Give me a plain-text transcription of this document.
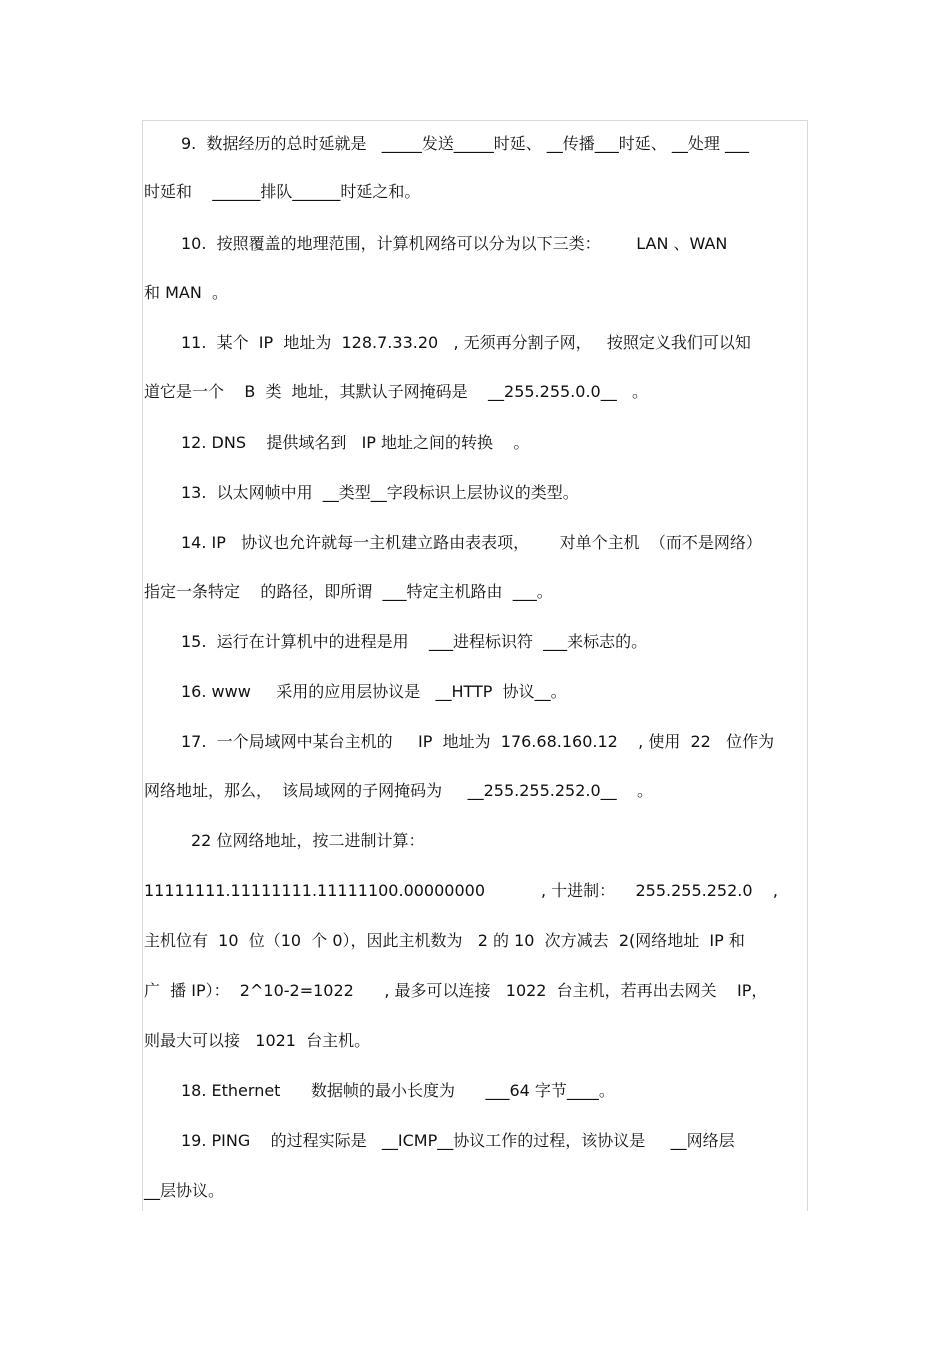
9.  数据经历的总时延就是   _____发送_____时延、 __传播___时延、 __处理 ___
时延和    ______排队______时延之和。
10.  按照覆盖的地理范围，计算机网络可以分为以下三类：       LAN 、WAN
和 MAN  。
11.  某个  IP  地址为  128.7.33.20   , 无须再分割子网，   按照定义我们可以知
道它是一个    B  类  地址，其默认子网掩码是    __255.255.0.0__   。
12. DNS    提供域名到   IP 地址之间的转换    。
13.  以太网帧中用  __类型__字段标识上层协议的类型。
14. IP   协议也允许就每一主机建立路由表表项，      对单个主机  （而不是网络）
指定一条特定    的路径，即所谓  ___特定主机路由  ___。
15.  运行在计算机中的进程是用    ___进程标识符  ___来标志的。
16. www     采用的应用层协议是   __HTTP  协议__。
17.  一个局域网中某台主机的     IP  地址为  176.68.160.12    , 使用  22   位作为
网络地址，那么，  该局域网的子网掩码为     __255.255.252.0__    。
22 位网络地址，按二进制计算：
11111111.11111111.11111100.00000000           , 十进制：    255.255.252.0    ,
主机位有  10  位（10  个 0），因此主机数为   2 的 10  次方减去  2(网络地址  IP 和
广  播 IP）：  2^10-2=1022      , 最多可以连接   1022  台主机，若再出去网关    IP，
则最大可以接   1021  台主机。
18. Ethernet      数据帧的最小长度为      ___64 字节____。
19. PING    的过程实际是   __ICMP__协议工作的过程，该协议是     __网络层
__层协议。
